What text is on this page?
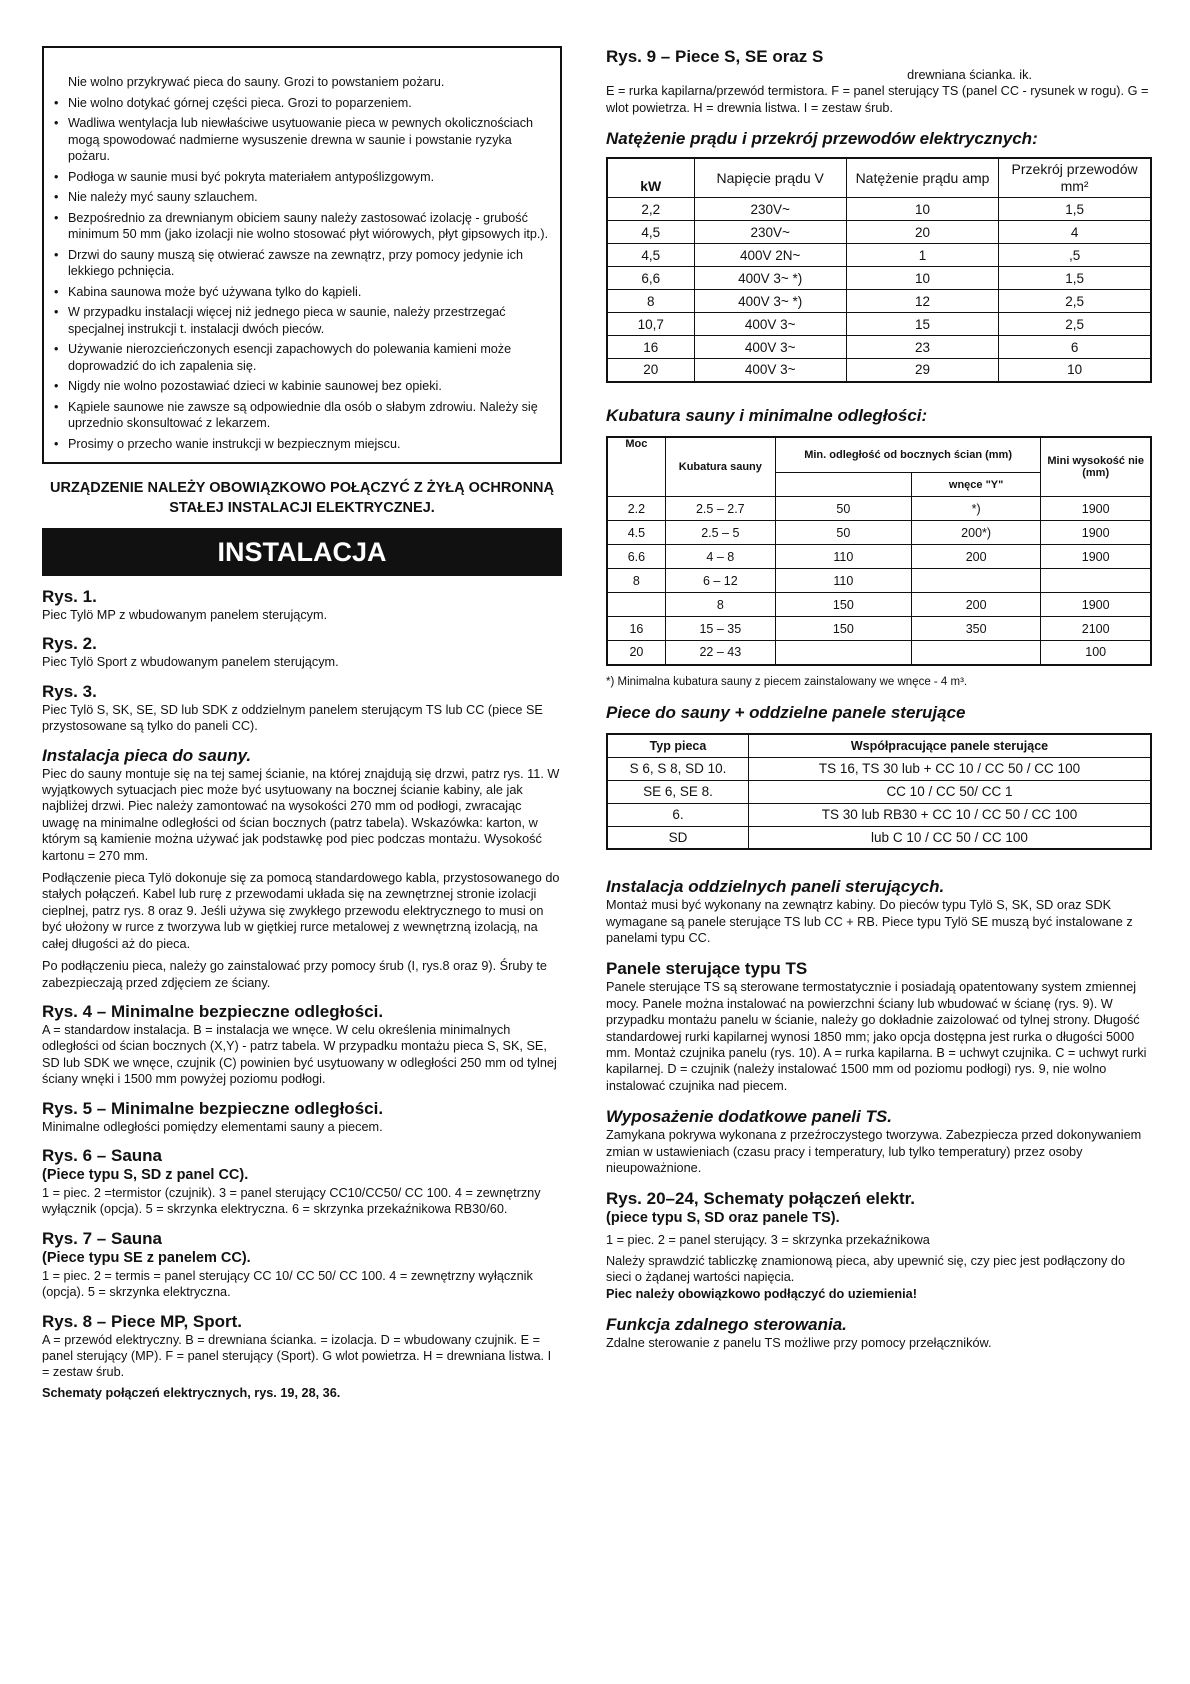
Nie wolno przykrywać pieca do sauny. Grozi to powstaniem pożaru.
• Nie wolno dotykać górnej części pieca. Grozi to poparzeniem.
• Wadliwa wentylacja lub niewłaściwe usytuowanie pieca w pewnych okolicznościach mogą spowodować nadmierne wysuszenie drewna w saunie i powstanie ryzyka pożaru.
• Podłoga w saunie musi być pokryta materiałem antypoślizgowym.
• Nie należy myć sauny szlauchem.
• Bezpośrednio za drewnianym obiciem sauny należy zastosować izolację - grubość minimum 50 mm (jako izolacji nie wolno stosować płyt wiórowych, płyt gipsowych itp.).
• Drzwi do sauny muszą się otwierać zawsze na zewnątrz, przy pomocy jedynie ich lekkiego pchnięcia.
• Kabina saunowa może być używana tylko do kąpieli.
• W przypadku instalacji więcej niż jednego pieca w saunie, należy przestrzegać specjalnej instrukcji t. instalacji dwóch pieców.
• Używanie nierozcieńczonych esencji zapachowych do polewania kamieni może doprowadzić do ich zapalenia się.
• Nigdy nie wolno pozostawiać dzieci w kabinie saunowej bez opieki.
• Kąpiele saunowe nie zawsze są odpowiednie dla osób o słabym zdrowiu. Należy się uprzednio skonsultować z lekarzem.
• Prosimy o przecho wanie instrukcji w bezpiecznym miejscu.
URZĄDZENIE NALEŻY OBOWIĄZKOWO POŁĄCZYĆ Z ŻYŁĄ OCHRONNĄ STAŁEJ INSTALACJI ELEKTRYCZNEJ.
INSTALACJA
Rys. 1.

Piec Tylö MP z wbudowanym panelem sterującym.

Rys. 2.

Piec Tylö Sport z wbudowanym panelem sterującym.

Rys. 3.

Piec Tylö S, SK, SE, SD lub SDK z oddzielnym panelem sterującym TS lub CC (piece SE przystosowane są tylko do paneli CC).

Instalacja pieca do sauny.

Piec do sauny montuje się na tej samej ścianie, na której znajdują się drzwi, patrz rys. 11. W wyjątkowych sytuacjach piec może być usytuowany na bocznej ścianie kabiny, ale jak najbliżej drzwi. Piec należy zamontować na wysokości 270 mm od podłogi, zwracając uwagę na minimalne odległości od ścian bocznych (patrz tabela). Wskazówka: karton, w którym są kamienie można używać jak podstawkę pod piec podczas montażu. Wysokość kartonu = 270 mm.

Podłączenie pieca Tylö dokonuje się za pomocą standardowego kabla, przystosowanego do stałych połączeń. Kabel lub rurę z przewodami układa się na zewnętrznej stronie izolacji cieplnej, patrz rys. 8 oraz 9. Jeśli używa się zwykłego przewodu elektrycznego to musi on być ułożony w rurce z tworzywa lub w giętkiej rurce metalowej z wewnętrzną izolacją, na całej długości aż do pieca.

Po podłączeniu pieca, należy go zainstalować przy pomocy śrub (I, rys.8 oraz 9). Śruby te zabezpieczają przed zdjęciem ze ściany.

Rys. 4 – Minimalne bezpieczne odległości.

A = standardow instalacja. B = instalacja we wnęce. W celu określenia minimalnych odległości od ścian bocznych (X,Y) - patrz tabela. W przypadku montażu pieca S, SK, SE, SD lub SDK we wnęce, czujnik (C) powinien być usytuowany w odległości 250 mm od tylnej ściany wnęki i 1500 mm powyżej poziomu podłogi.

Rys. 5 – Minimalne bezpieczne odległości.

Minimalne odległości pomiędzy elementami sauny a piecem.

Rys. 6 – Sauna
(Piece typu S, SD z panel CC).

1 = piec. 2 =termistor (czujnik). 3 = panel sterujący CC10/CC50/ CC 100. 4 = zewnętrzny wyłącznik (opcja). 5 = skrzynka elektryczna. 6 = skrzynka przekaźnikowa RB30/60.

Rys. 7 – Sauna
(Piece typu SE z panelem CC).

1 = piec. 2 = termis = panel sterujący CC 10/ CC 50/ CC 100. 4 = zewnętrzny wyłącznik (opcja). 5 = skrzynka elektryczna.

Rys. 8 – Piece MP, Sport.

A = przewód elektryczny. B = drewniana ścianka. = izolacja. D = wbudowany czujnik. E = panel sterujący (MP). F = panel sterujący (Sport). G wlot powietrza. H = drewniana listwa. I = zestaw śrub.

Schematy połączeń elektrycznych, rys. 19, 28, 36.

Rys. 9 – Piece S, SE oraz S

drewniana ścianka. ik.

E = rurka kapilarna/przewód termistora. F = panel sterujący TS (panel CC - rysunek w rogu). G = wlot powietrza. H = drewnia listwa. I = zestaw śrub.

Natężenie prądu i przekrój przewodów elektrycznych:
kW	Napięcie prądu V	Natężenie prądu amp	Przekrój przewodów mm²
2,2	230V~	10	1,5
4,5	230V~	20	4
4,5	400V 2N~	1	,5
6,6	400V 3~ *)	10	1,5
8	400V 3~ *)	12	2,5
10,7	400V 3~	15	2,5
16	400V 3~	23	6
20	400V 3~	29	10
Kubatura sauny i minimalne odległości:
Moc	Kubatura sauny	Min. odległość od bocznych ścian (mm)		Mini wysokość nie (mm)
			wnęce "Y"	
2.2	2.5 – 2.7	50	*)	1900
4.5	2.5 – 5	50	200*)	1900
6.6	4 – 8	110	200	1900
8	6 – 12	110		
	8	150	200	1900
16	15 – 35	150	350	2100
20	22 – 43			100

*) Minimalna kubatura sauny z piecem zainstalowany we wnęce - 4 m³.

Piece do sauny + oddzielne panele sterujące
Typ pieca	Współpracujące panele sterujące
S 6, S 8, SD 10.	TS 16, TS 30 lub + CC 10 / CC 50 / CC 100
SE 6, SE 8.	CC 10 / CC 50/ CC 1
6.	TS 30 lub RB30 + CC 10 / CC 50 / CC 100
SD	lub C 10 / CC 50 / CC 100
Instalacja oddzielnych paneli sterujących.

Montaż musi być wykonany na zewnątrz kabiny. Do pieców typu Tylö S, SK, SD oraz SDK wymagane są panele sterujące TS lub CC + RB. Piece typu Tylö SE muszą być instalowane z panelami typu CC.

Panele sterujące typu TS

Panele sterujące TS są sterowane termostatycznie i posiadają opatentowany system zmiennej mocy. Panele można instalować na powierzchni ściany lub wbudować w ścianę (rys. 9). W przypadku montażu panelu w ścianie, należy go dokładnie zaizolować od tylnej strony. Długość standardowej rurki kapilarnej wynosi 1850 mm; jako opcja dostępna jest rurka o długości 5000 mm. Montaż czujnika panelu (rys. 10). A = rurka kapilarna. B = uchwyt czujnika. C = uchwyt rurki kapilarnej. D = czujnik (należy instalować 1500 mm od poziomu podłogi) rys. 9, nie wolno instalować czujnika nad piecem.

Wyposażenie dodatkowe paneli TS.

Zamykana pokrywa wykonana z przeźroczystego tworzywa. Zabezpiecza przed dokonywaniem zmian w ustawieniach (czasu pracy i temperatury, lub tylko temperatury) przez osoby nieupoważnione.

Rys. 20–24, Schematy połączeń elektr.
(piece typu S, SD oraz panele TS).

1 = piec. 2 = panel sterujący. 3 = skrzynka przekaźnikowa

Należy sprawdzić tabliczkę znamionową pieca, aby upewnić się, czy piec jest podłączony do sieci o żądanej wartości napięcia.

Piec należy obowiązkowo podłączyć do uziemienia!

Funkcja zdalnego sterowania.

Zdalne sterowanie z panelu TS możliwe przy pomocy przełączników.
